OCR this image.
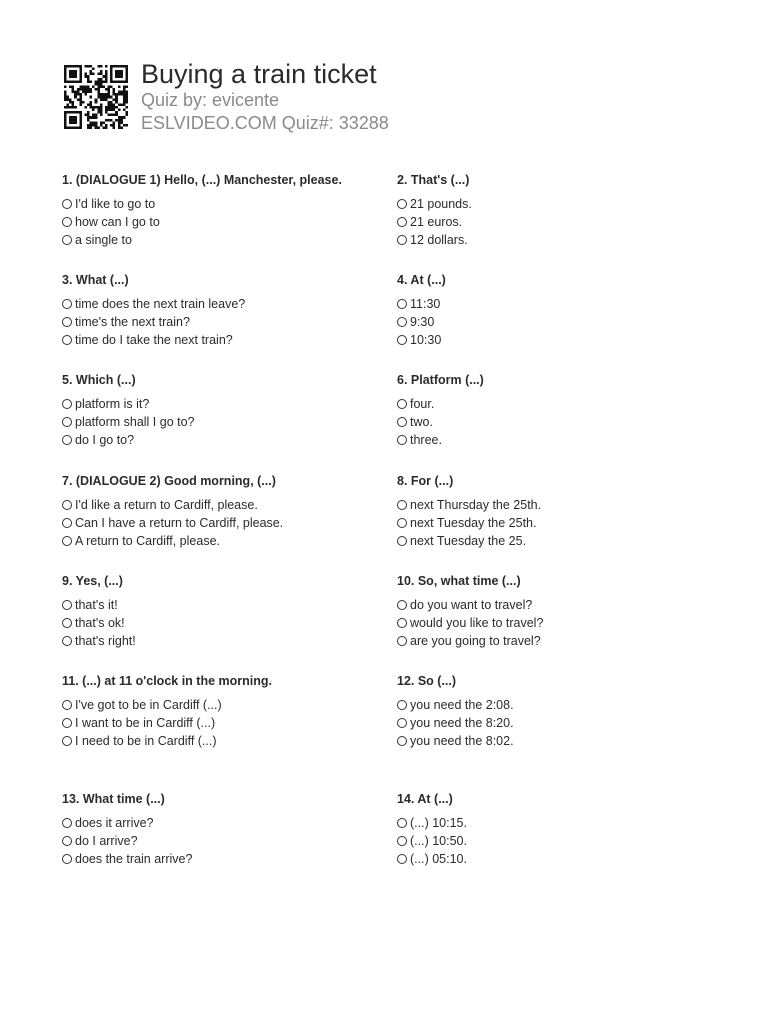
Buying a train ticket
Quiz by: evicente
ESLVIDEO.COM Quiz#: 33288
1. (DIALOGUE 1) Hello, (...) Manchester, please.
I'd like to go to
how can I go to
a single to
2. That's (...)
21 pounds.
21 euros.
12 dollars.
3. What (...)
time does the next train leave?
time's the next train?
time do I take the next train?
4. At (...)
11:30
9:30
10:30
5. Which (...)
platform is it?
platform shall I go to?
do I go to?
6. Platform (...)
four.
two.
three.
7. (DIALOGUE 2) Good morning, (...)
I'd like a return to Cardiff, please.
Can I have a return to Cardiff, please.
A return to Cardiff, please.
8. For (...)
next Thursday the 25th.
next Tuesday the 25th.
next Tuesday the 25.
9. Yes, (...)
that's it!
that's ok!
that's right!
10. So, what time (...)
do you want to travel?
would you like to travel?
are you going to travel?
11. (...) at 11 o'clock in the morning.
I've got to be in Cardiff (...)
I want to be in Cardiff (...)
I need to be in Cardiff (...)
12. So (...)
you need the 2:08.
you need the 8:20.
you need the 8:02.
13. What time (...)
does it arrive?
do I arrive?
does the train arrive?
14. At (...)
(...) 10:15.
(...) 10:50.
(...) 05:10.
